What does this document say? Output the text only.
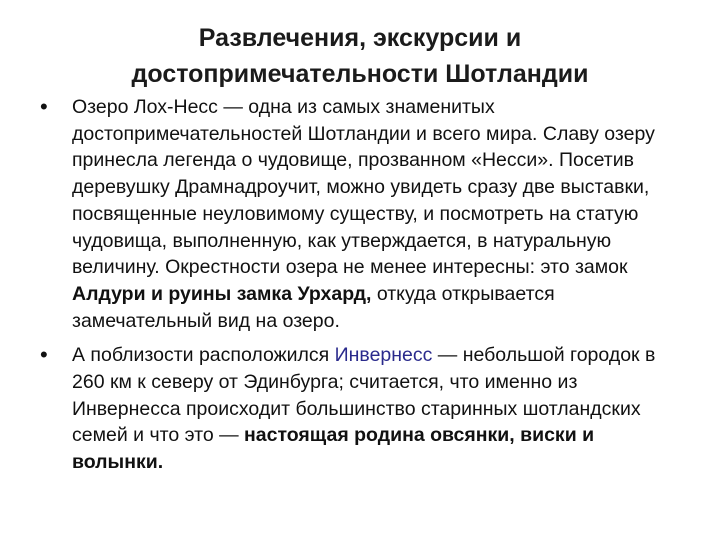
Развлечения, экскурсии и
достопримечательности Шотландии
•	Озеро Лох-Несс — одна из самых знаменитых достопримечательностей Шотландии и всего мира. Славу озеру принесла легенда о чудовище, прозванном «Несси». Посетив деревушку Драмнадроучит, можно увидеть сразу две выставки, посвященные неуловимому существу, и посмотреть на статую чудовища, выполненную, как утверждается, в натуральную величину. Окрестности озера не менее интересны: это замок Алдури и руины замка Урхард, откуда открывается замечательный вид на озеро.
•	А поблизости расположился Инвернесс — небольшой городок в 260 км к северу от Эдинбурга; считается, что именно из Инвернесса происходит большинство старинных шотландских семей и что это — настоящая родина овсянки, виски и волынки.
